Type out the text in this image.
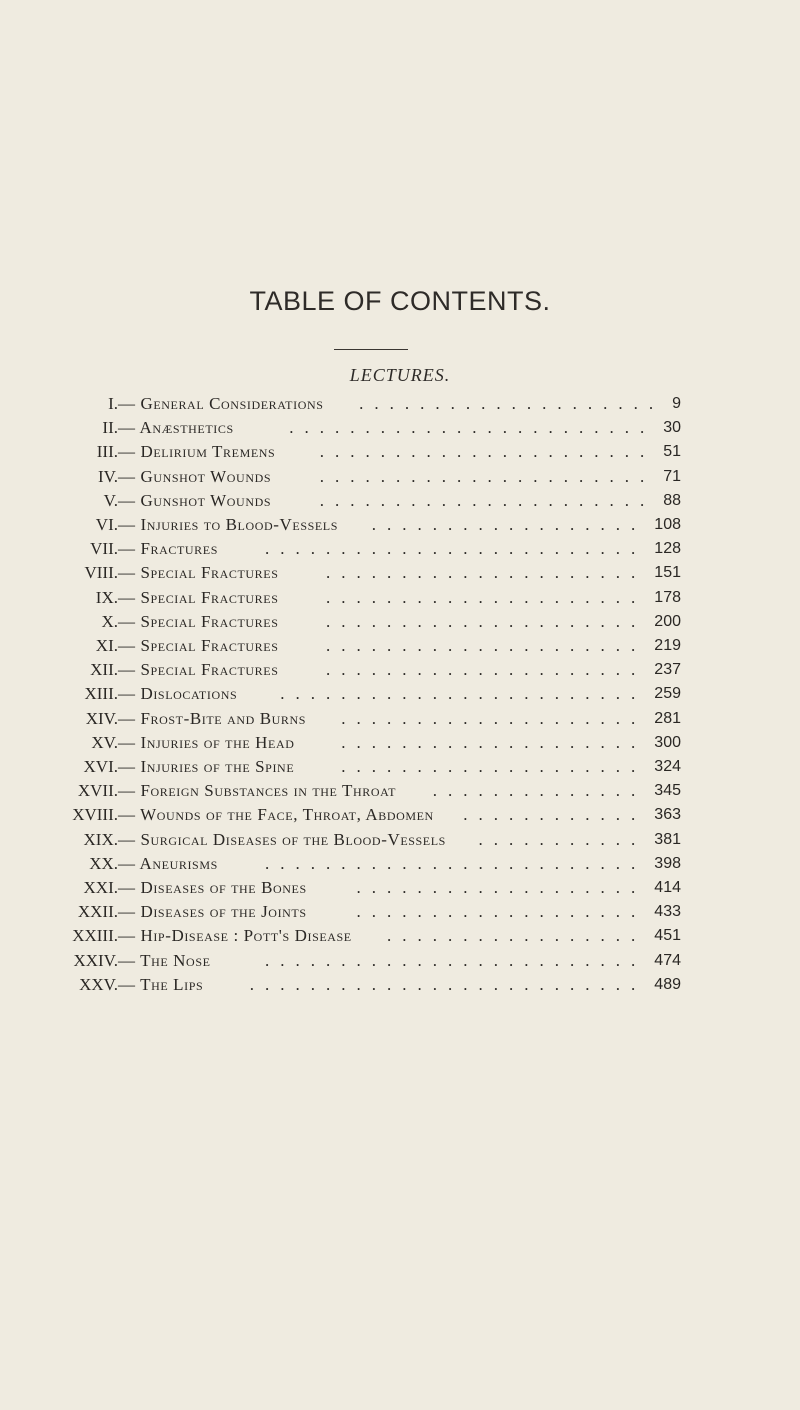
TABLE OF CONTENTS.
LECTURES.
I. — General Considerations	.................... 9
II. — Anæsthetics	........................ 30
III. — Delirium Tremens	...................... 51
IV. — Gunshot Wounds	...................... 71
V. — Gunshot Wounds	...................... 88
VI. — Injuries to Blood-Vessels	.................. 108
VII. — Fractures	......................... 128
VIII. — Special Fractures	..................... 151
IX. — Special Fractures	..................... 178
X. — Special Fractures	..................... 200
XI. — Special Fractures	..................... 219
XII. — Special Fractures	..................... 237
XIII. — Dislocations	........................ 259
XIV. — Frost-Bite and Burns	.................... 281
XV. — Injuries of the Head	.................... 300
XVI. — Injuries of the Spine	.................... 324
XVII. — Foreign Substances in the Throat	.............. 345
XVIII. — Wounds of the Face, Throat, Abdomen	............ 363
XIX. — Surgical Diseases of the Blood-Vessels	........... 381
XX. — Aneurisms	......................... 398
XXI. — Diseases of the Bones	................... 414
XXII. — Diseases of the Joints	................... 433
XXIII. — Hip-Disease : Pott's Disease	................. 451
XXIV. — The Nose	......................... 474
XXV. — The Lips	.......................... 489
